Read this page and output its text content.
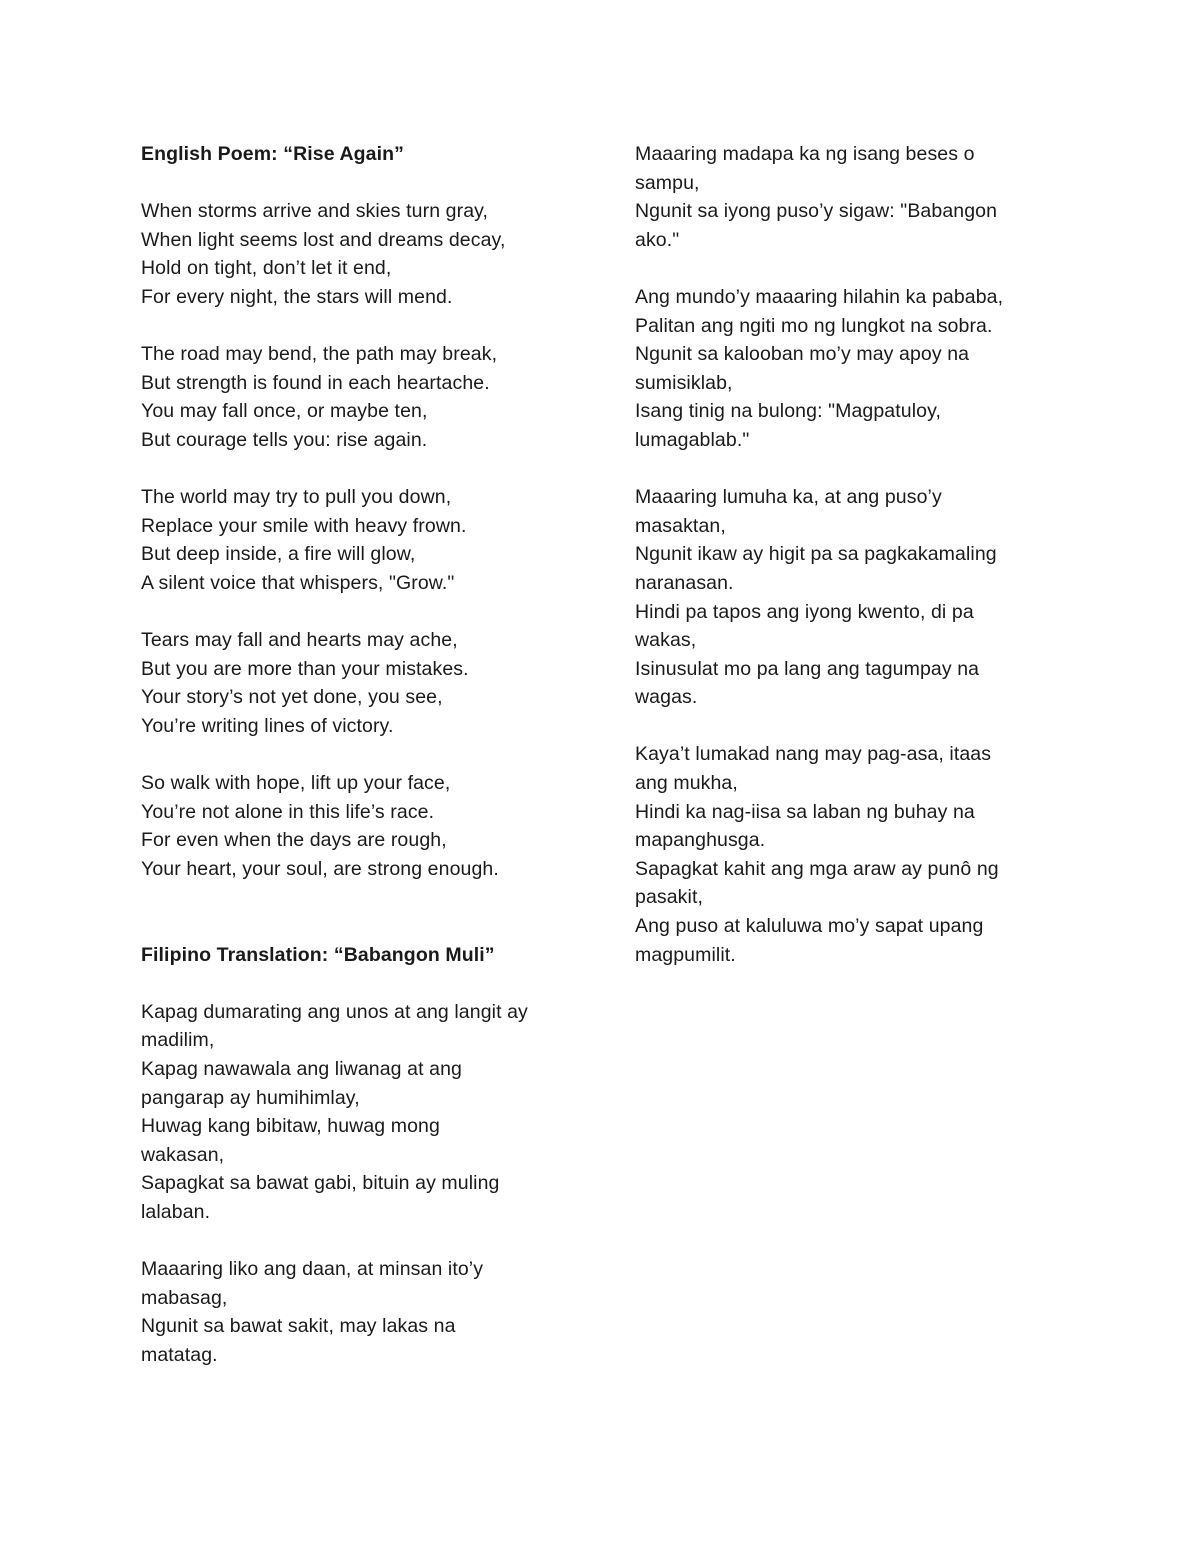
English Poem: “Rise Again”
When storms arrive and skies turn gray,
When light seems lost and dreams decay,
Hold on tight, don’t let it end,
For every night, the stars will mend.
The road may bend, the path may break,
But strength is found in each heartache.
You may fall once, or maybe ten,
But courage tells you: rise again.
The world may try to pull you down,
Replace your smile with heavy frown.
But deep inside, a fire will glow,
A silent voice that whispers, "Grow."
Tears may fall and hearts may ache,
But you are more than your mistakes.
Your story’s not yet done, you see,
You’re writing lines of victory.
So walk with hope, lift up your face,
You’re not alone in this life’s race.
For even when the days are rough,
Your heart, your soul, are strong enough.
Filipino Translation: “Babangon Muli”
Kapag dumarating ang unos at ang langit ay
madilim,
Kapag nawawala ang liwanag at ang
pangarap ay humihimlay,
Huwag kang bibitaw, huwag mong
wakasan,
Sapagkat sa bawat gabi, bituin ay muling
lalaban.
Maaaring liko ang daan, at minsan ito’y
mabasag,
Ngunit sa bawat sakit, may lakas na
matatag.
Maaaring madapa ka ng isang beses o
sampu,
Ngunit sa iyong puso’y sigaw: "Babangon
ako."
Ang mundo’y maaaring hilahin ka pababa,
Palitan ang ngiti mo ng lungkot na sobra.
Ngunit sa kalooban mo’y may apoy na
sumisiklab,
Isang tinig na bulong: "Magpatuloy,
lumagablab."
Maaaring lumuha ka, at ang puso’y
masaktan,
Ngunit ikaw ay higit pa sa pagkakamaling
naranasan.
Hindi pa tapos ang iyong kwento, di pa
wakas,
Isinusulat mo pa lang ang tagumpay na
wagas.
Kaya’t lumakad nang may pag-asa, itaas
ang mukha,
Hindi ka nag-iisa sa laban ng buhay na
mapanghusga.
Sapagkat kahit ang mga araw ay punô ng
pasakit,
Ang puso at kaluluwa mo’y sapat upang
magpumilit.
